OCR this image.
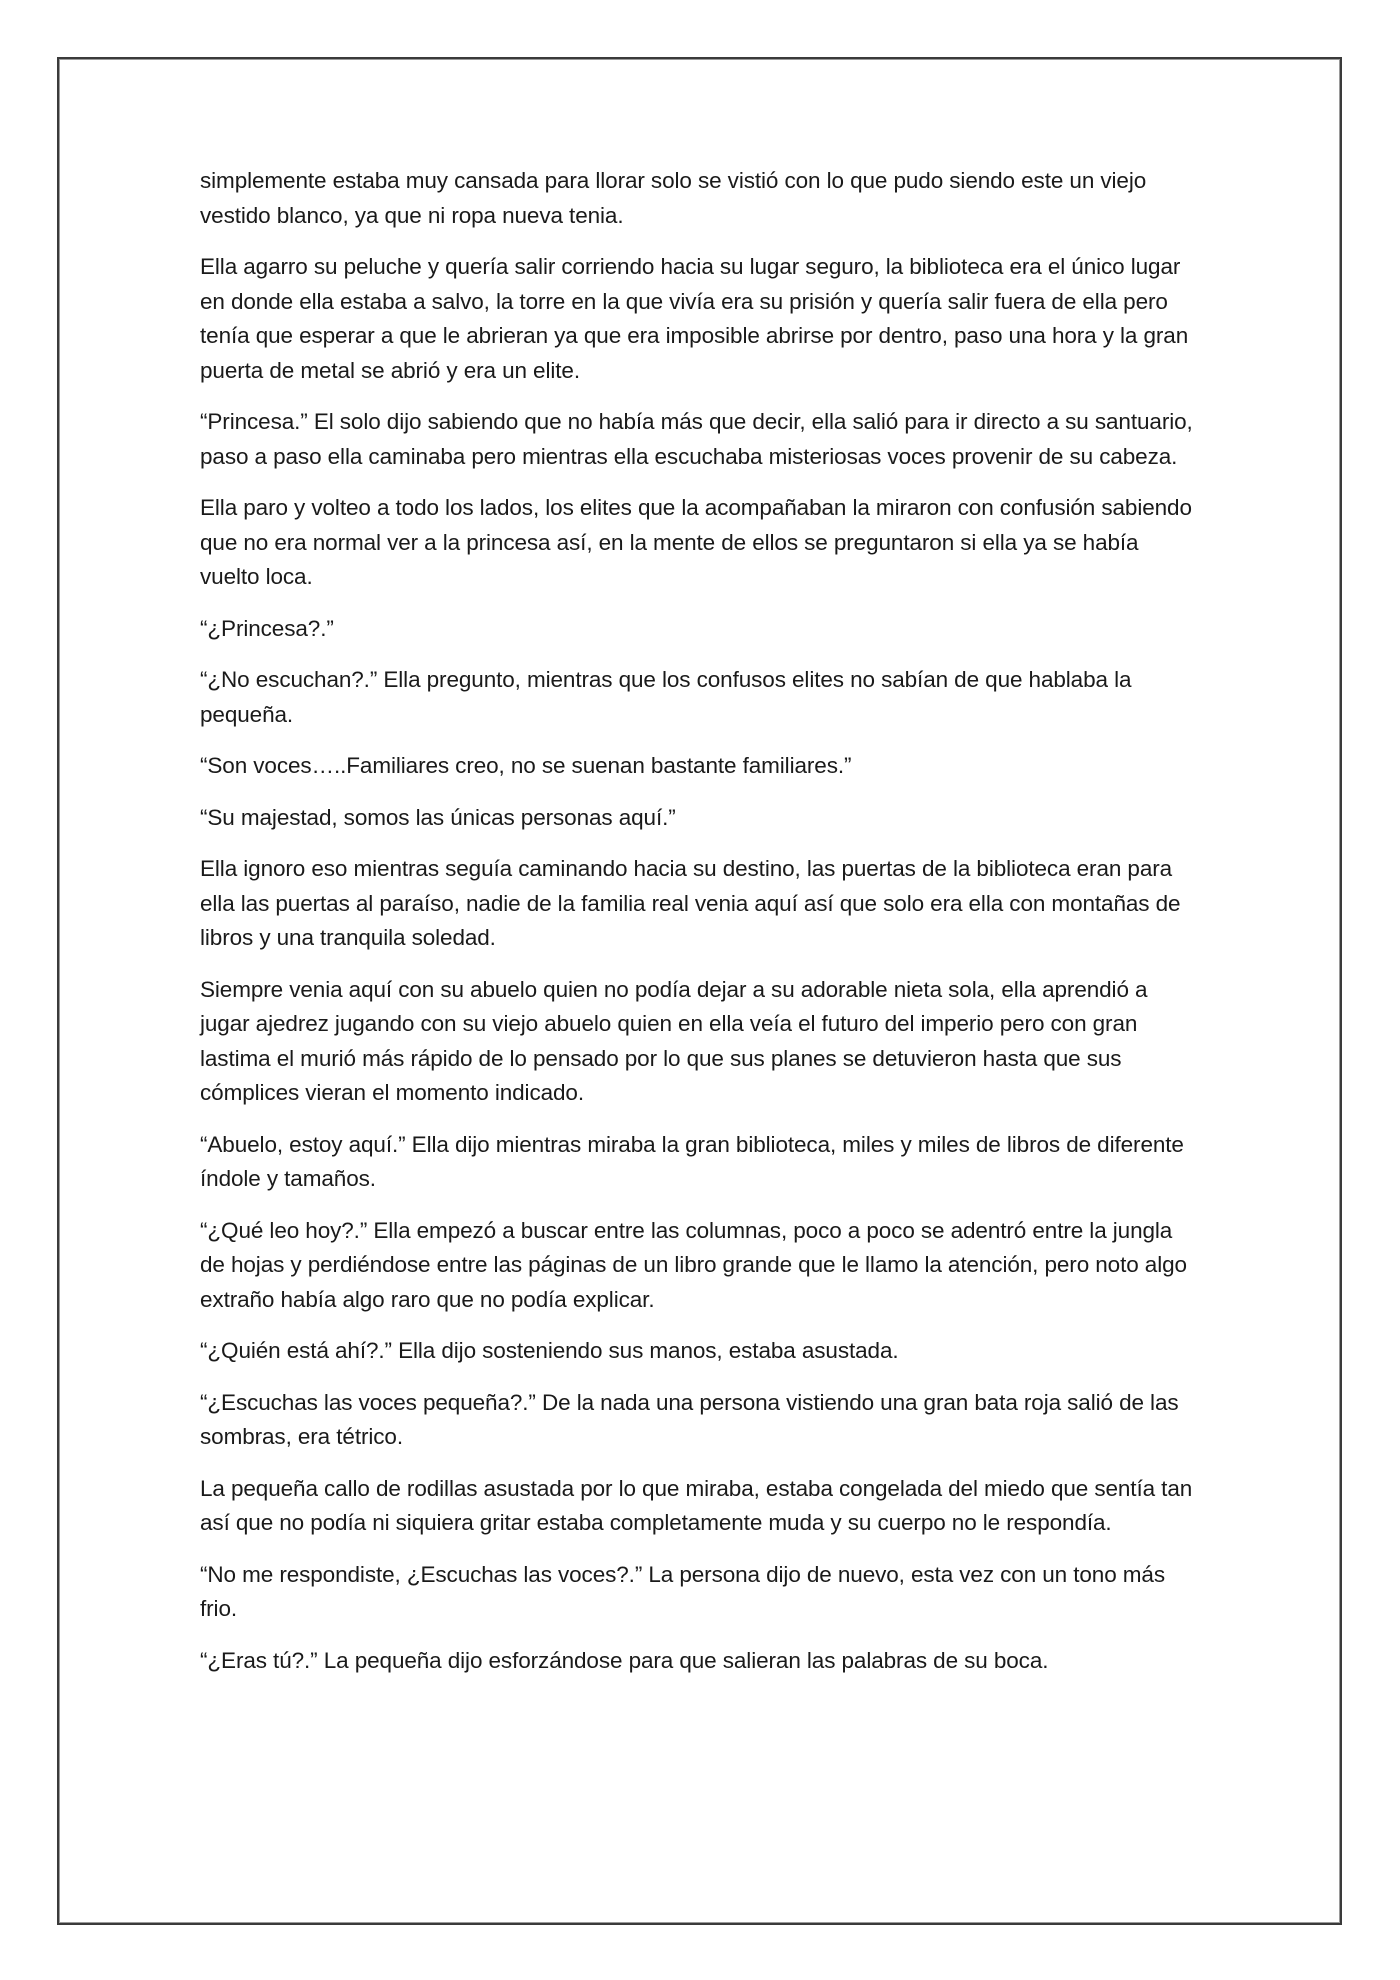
simplemente estaba muy cansada para llorar solo se vistió con lo que pudo siendo este un viejo vestido blanco, ya que ni ropa nueva tenia.

Ella agarro su peluche y quería salir corriendo hacia su lugar seguro, la biblioteca era el único lugar en donde ella estaba a salvo, la torre en la que vivía era su prisión y quería salir fuera de ella pero tenía que esperar a que le abrieran ya que era imposible abrirse por dentro, paso una hora y la gran puerta de metal se abrió y era un elite.

“Princesa.” El solo dijo sabiendo que no había más que decir, ella salió para ir directo a su santuario, paso a paso ella caminaba pero mientras ella escuchaba misteriosas voces provenir de su cabeza.

Ella paro y volteo a todo los lados, los elites que la acompañaban la miraron con confusión sabiendo que no era normal ver a la princesa así, en la mente de ellos se preguntaron si ella ya se había vuelto loca.

“¿Princesa?.”

“¿No escuchan?.” Ella pregunto, mientras que los confusos elites no sabían de que hablaba la pequeña.

“Son voces…..Familiares creo, no se suenan bastante familiares.”

“Su majestad, somos las únicas personas aquí.”

Ella ignoro eso mientras seguía caminando hacia su destino, las puertas de la biblioteca eran para ella las puertas al paraíso, nadie de la familia real venia aquí así que solo era ella con montañas de libros y una tranquila soledad.

Siempre venia aquí con su abuelo quien no podía dejar a su adorable nieta sola, ella aprendió a jugar ajedrez jugando con su viejo abuelo quien en ella veía el futuro del imperio pero con gran lastima el murió más rápido de lo pensado por lo que sus planes se detuvieron hasta que sus cómplices vieran el momento indicado.

“Abuelo, estoy aquí.” Ella dijo mientras miraba la gran biblioteca, miles y miles de libros de diferente índole y tamaños.

“¿Qué leo hoy?.” Ella empezó a buscar entre las columnas, poco a poco se adentró entre la jungla de hojas y perdiéndose entre las páginas de un libro grande que le llamo la atención, pero noto algo extraño había algo raro que no podía explicar.

“¿Quién está ahí?.” Ella dijo sosteniendo sus manos, estaba asustada.

“¿Escuchas las voces pequeña?.” De la nada una persona vistiendo una gran bata roja salió de las sombras, era tétrico.

La pequeña callo de rodillas asustada por lo que miraba, estaba congelada del miedo que sentía tan así que no podía ni siquiera gritar estaba completamente muda y su cuerpo no le respondía.

“No me respondiste, ¿Escuchas las voces?.” La persona dijo de nuevo, esta vez con un tono más frio.

“¿Eras tú?.” La pequeña dijo esforzándose para que salieran las palabras de su boca.
